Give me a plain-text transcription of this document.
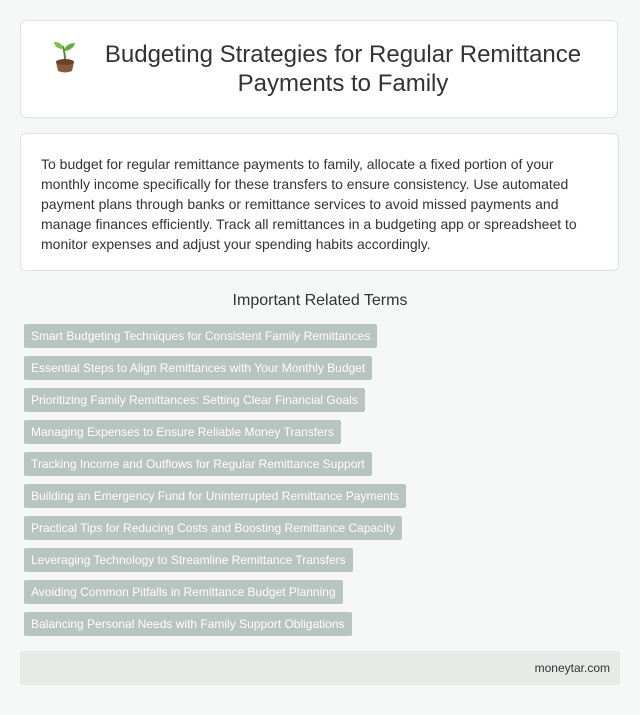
Budgeting Strategies for Regular Remittance Payments to Family

To budget for regular remittance payments to family, allocate a fixed portion of your monthly income specifically for these transfers to ensure consistency. Use automated payment plans through banks or remittance services to avoid missed payments and manage finances efficiently. Track all remittances in a budgeting app or spreadsheet to monitor expenses and adjust your spending habits accordingly.

Important Related Terms
Smart Budgeting Techniques for Consistent Family Remittances
Essential Steps to Align Remittances with Your Monthly Budget
Prioritizing Family Remittances: Setting Clear Financial Goals
Managing Expenses to Ensure Reliable Money Transfers
Tracking Income and Outflows for Regular Remittance Support
Building an Emergency Fund for Uninterrupted Remittance Payments
Practical Tips for Reducing Costs and Boosting Remittance Capacity
Leveraging Technology to Streamline Remittance Transfers
Avoiding Common Pitfalls in Remittance Budget Planning
Balancing Personal Needs with Family Support Obligations
moneytar.com
